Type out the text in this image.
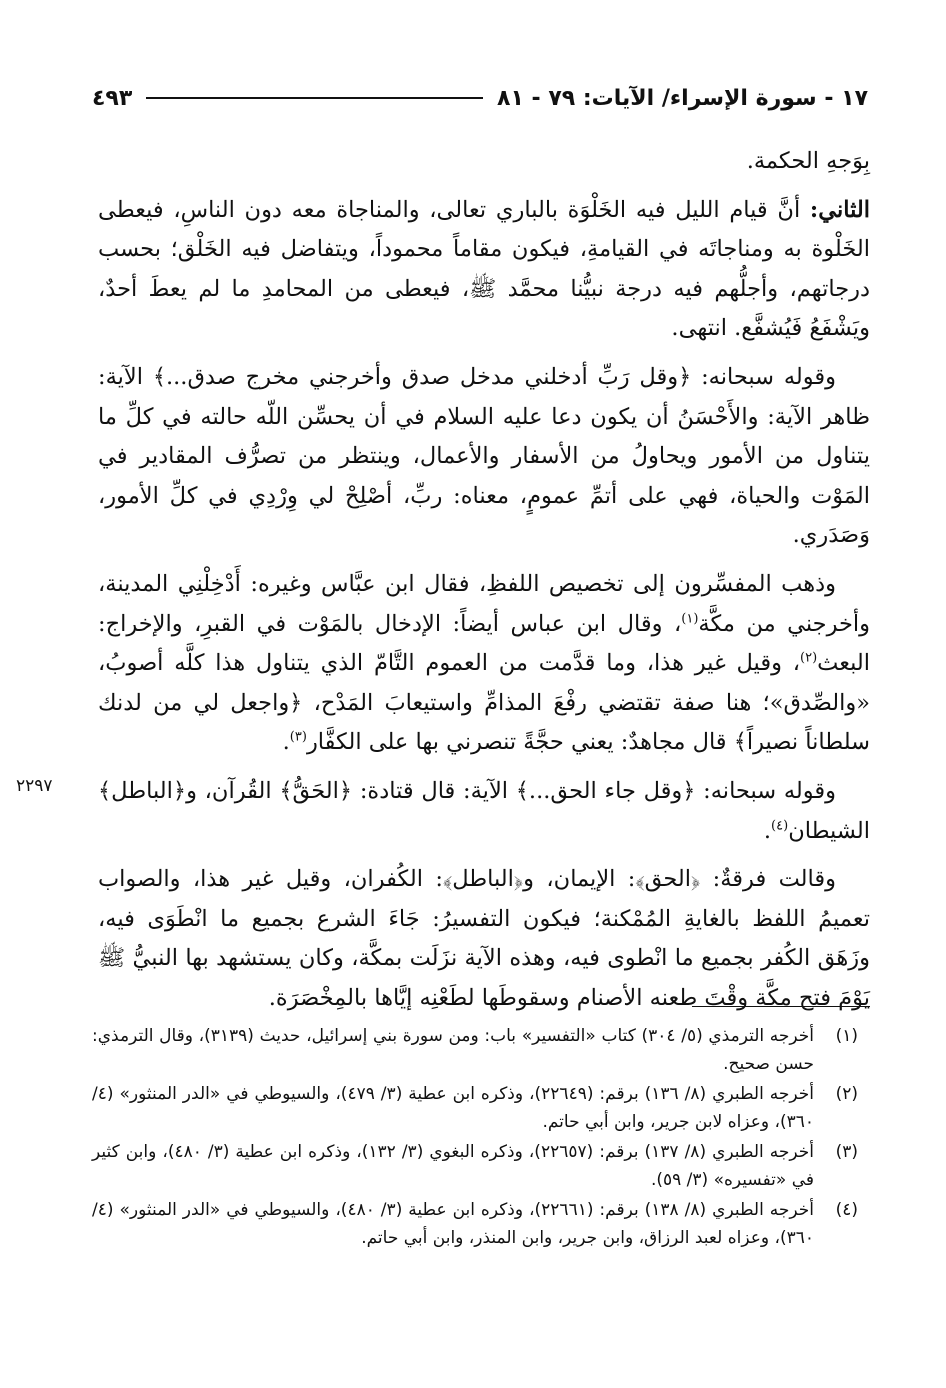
١٧ - سورة الإسراء/ الآيات: ٧٩ - ٨١
٤٩٣
٢٢٩٧

بِوَجهِ الحكمة.

الثاني: أنَّ قيام الليل فيه الخَلْوَة بالباري تعالى، والمناجاة معه دون الناسِ، فيعطى الخَلْوة به ومناجاتَه في القيامةِ، فيكون مقاماً محموداً، ويتفاضل فيه الخَلْق؛ بحسب درجاتهم، وأجلُّهم فيه درجة نبيُّنا محمَّد ﷺ، فيعطى من المحامدِ ما لم يعطَ أحدٌ، ويَشْفَعُ فَيُشفَّع. انتهى.

وقوله سبحانه: ﴿وقل رَبِّ أدخلني مدخل صدق وأخرجني مخرج صدق...﴾ الآية: ظاهر الآية: والأَحْسَنُ أن يكون دعا عليه السلام في أن يحسِّن اللّه حالته في كلِّ ما يتناول من الأمور ويحاولُ من الأسفار والأعمال، وينتظر من تصرُّف المقادير في المَوْت والحياة، فهي على أتمِّ عمومٍ، معناه: ربِّ، أصْلِحْ لي وِرْدِي في كلِّ الأمور، وَصَدَري.

وذهب المفسِّرون إلى تخصيص اللفظِ، فقال ابن عبَّاس وغيره: أَدْخِلْنِي المدينة، وأخرجني من مكَّة$^{(١)}$، وقال ابن عباس أيضاً: الإدخال بالمَوْت في القبرِ، والإخراج: البعث$^{(٢)}$، وقيل غير هذا، وما قدَّمت من العموم التَّامّ الذي يتناول هذا كلَّه أصوبُ، «والصِّدق»؛ هنا صفة تقتضي رفْعَ المذامِّ واستيعابَ المَدْح، ﴿واجعل لي من لدنك سلطاناً نصيراً﴾ قال مجاهدٌ: يعني حجَّةً تنصرني بها على الكفَّار$^{(٣)}$.

وقوله سبحانه: ﴿وقل جاء الحق...﴾ الآية: قال قتادة: ﴿الحَقُّ﴾ القُرآن، و﴿الباطل﴾ الشيطان$^{(٤)}$.

وقالت فرقةٌ: ﴿الحق﴾: الإيمان، و﴿الباطل﴾: الكُفران، وقيل غير هذا، والصواب تعميمُ اللفظ بالغايةِ المُمْكنة؛ فيكون التفسيرُ: جَاءَ الشرع بجميع ما انْطَوَى فيه، وزَهَق الكُفر بجميع ما انْطوى فيه، وهذه الآية نزَلَت بمكَّة، وكان يستشهد بها النبيُّ ﷺ يَوْمَ فتح مكَّة وقْتَ طعنه الأصنام وسقوطَها لطَعْنِه إيَّاها بالمِخْصَرَة.

(١)
أخرجه الترمذي (٥/ ٣٠٤) كتاب «التفسير» باب: ومن سورة بني إسرائيل، حديث (٣١٣٩)، وقال الترمذي: حسن صحيح.
(٢)
أخرجه الطبري (٨/ ١٣٦) برقم: (٢٢٦٤٩)، وذكره ابن عطية (٣/ ٤٧٩)، والسيوطي في «الدر المنثور» (٤/ ٣٦٠)، وعزاه لابن جرير، وابن أبي حاتم.
(٣)
أخرجه الطبري (٨/ ١٣٧) برقم: (٢٢٦٥٧)، وذكره البغوي (٣/ ١٣٢)، وذكره ابن عطية (٣/ ٤٨٠)، وابن كثير في «تفسيره» (٣/ ٥٩).
(٤)
أخرجه الطبري (٨/ ١٣٨) برقم: (٢٢٦٦١)، وذكره ابن عطية (٣/ ٤٨٠)، والسيوطي في «الدر المنثور» (٤/ ٣٦٠)، وعزاه لعبد الرزاق، وابن جرير، وابن المنذر، وابن أبي حاتم.
